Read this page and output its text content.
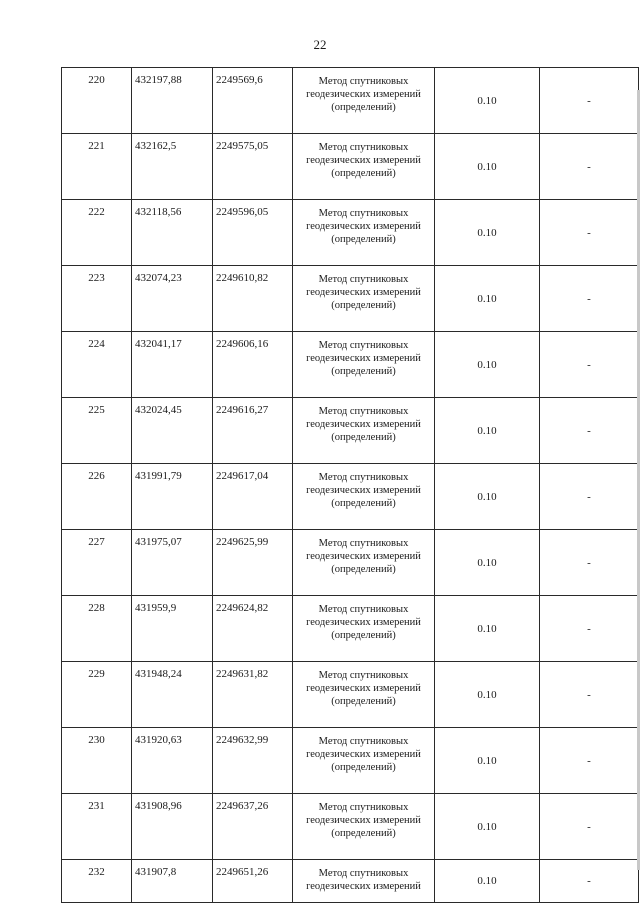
22
220	432197,88	2249569,6	Метод спутниковых
геодезических измерений
(определений)	0.10	-
221	432162,5	2249575,05	Метод спутниковых
геодезических измерений
(определений)	0.10	-
222	432118,56	2249596,05	Метод спутниковых
геодезических измерений
(определений)	0.10	-
223	432074,23	2249610,82	Метод спутниковых
геодезических измерений
(определений)	0.10	-
224	432041,17	2249606,16	Метод спутниковых
геодезических измерений
(определений)	0.10	-
225	432024,45	2249616,27	Метод спутниковых
геодезических измерений
(определений)	0.10	-
226	431991,79	2249617,04	Метод спутниковых
геодезических измерений
(определений)	0.10	-
227	431975,07	2249625,99	Метод спутниковых
геодезических измерений
(определений)	0.10	-
228	431959,9	2249624,82	Метод спутниковых
геодезических измерений
(определений)	0.10	-
229	431948,24	2249631,82	Метод спутниковых
геодезических измерений
(определений)	0.10	-
230	431920,63	2249632,99	Метод спутниковых
геодезических измерений
(определений)	0.10	-
231	431908,96	2249637,26	Метод спутниковых
геодезических измерений
(определений)	0.10	-
232	431907,8	2249651,26	Метод спутниковых
геодезических измерений	0.10	-
